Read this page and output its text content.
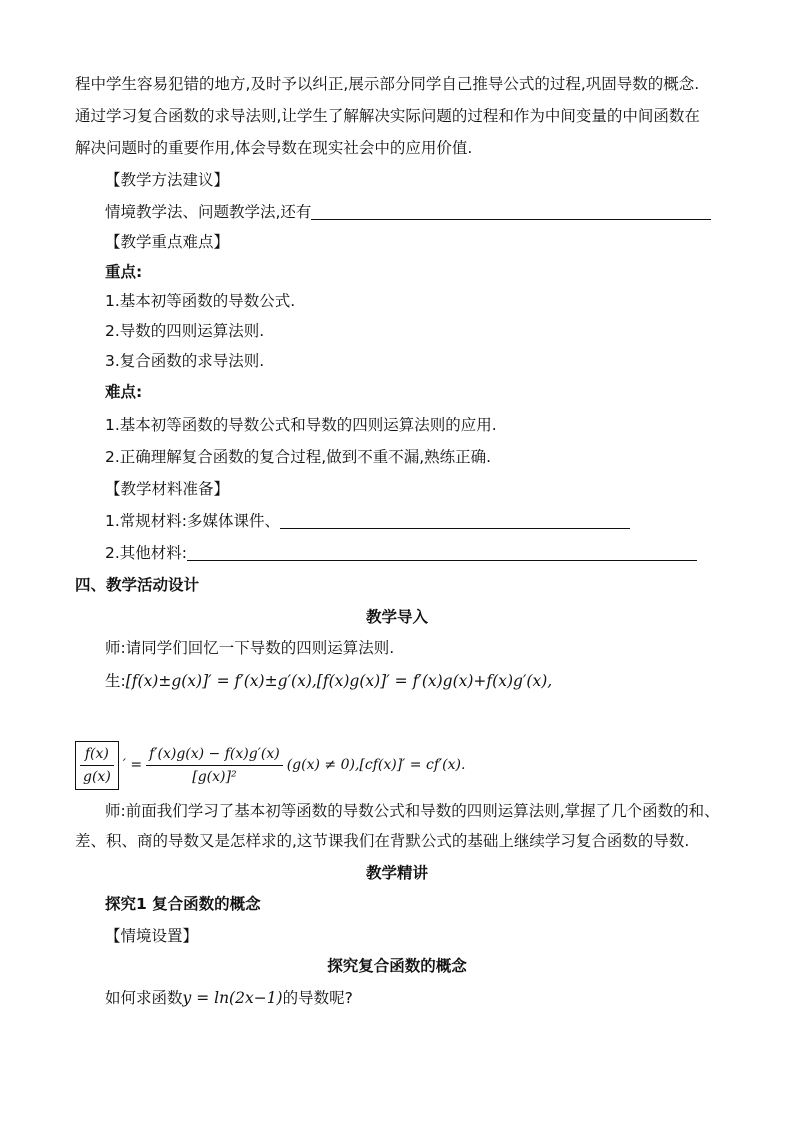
程中学生容易犯错的地方,及时予以纠正,展示部分同学自己推导公式的过程,巩固导数的概念.
通过学习复合函数的求导法则,让学生了解解决实际问题的过程和作为中间变量的中间函数在
解决问题时的重要作用,体会导数在现实社会中的应用价值.
【教学方法建议】
情境教学法、问题教学法,还有
【教学重点难点】
重点:
1.基本初等函数的导数公式.
2.导数的四则运算法则.
3.复合函数的求导法则.
难点:
1.基本初等函数的导数公式和导数的四则运算法则的应用.
2.正确理解复合函数的复合过程,做到不重不漏,熟练正确.
【教学材料准备】
1.常规材料:多媒体课件、
2.其他材料:
四、教学活动设计
教学导入
师:请同学们回忆一下导数的四则运算法则.
生:[f(x)±g(x)]′ = f′(x)±g′(x),[f(x)g(x)]′ = f′(x)g(x)+f(x)g′(x),
$\frac{f(x)}{g(x)}$ ′ = $\frac{f'(x)g(x) - f(x)g'(x)}{\text{[g(x)]²}} (g(x) \ne 0),[cf(x)]' = cf'(x)$.
师:前面我们学习了基本初等函数的导数公式和导数的四则运算法则,掌握了几个函数的和、
差、积、商的导数又是怎样求的,这节课我们在背默公式的基础上继续学习复合函数的导数.
教学精讲
探究1 复合函数的概念
【情境设置】
探究复合函数的概念
如何求函数y = ln(2x−1)的导数呢?
